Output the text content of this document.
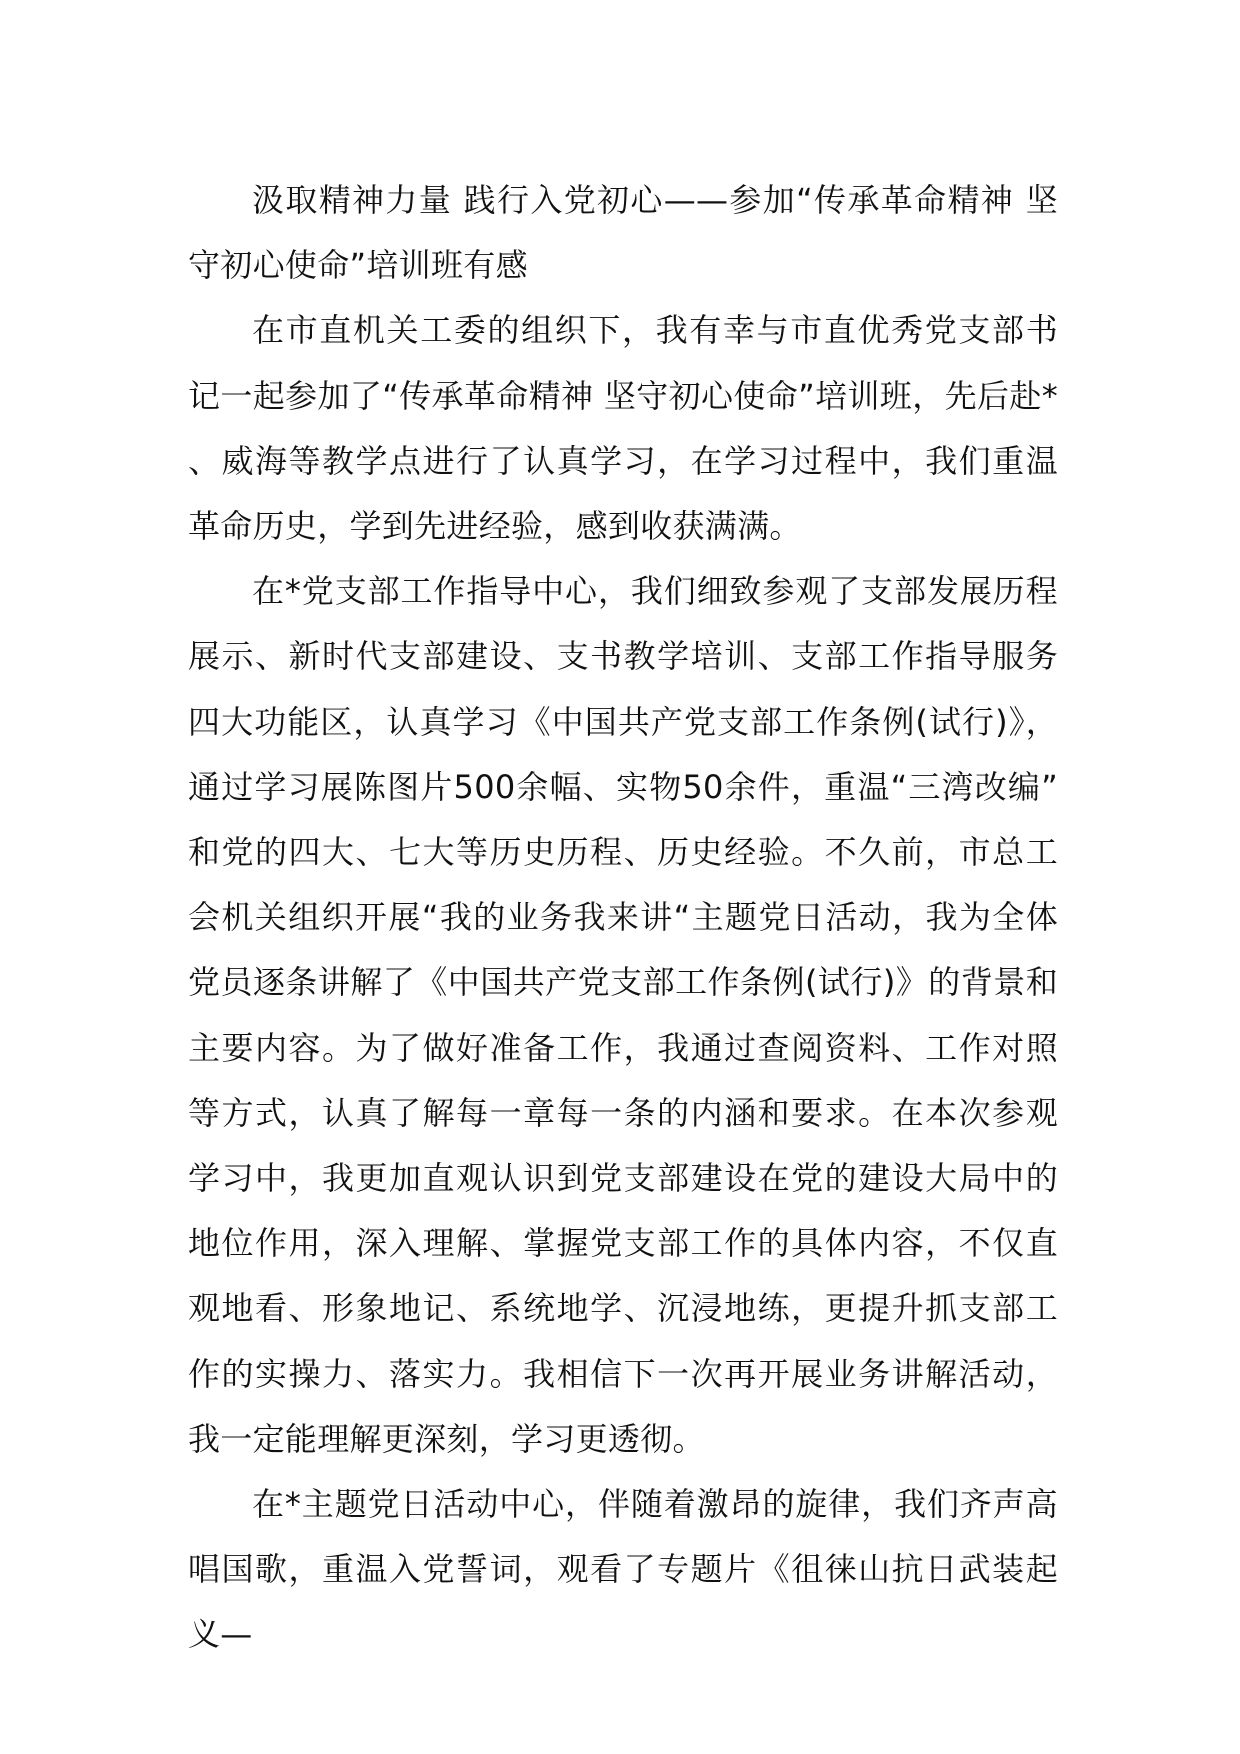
汲取精神力量 践行入党初心——参加“传承革命精神 坚守初心使命”培训班有感

在市直机关工委的组织下，我有幸与市直优秀党支部书记一起参加了“传承革命精神 坚守初心使命”培训班，先后赴*、威海等教学点进行了认真学习，在学习过程中，我们重温革命历史，学到先进经验，感到收获满满。

在*党支部工作指导中心，我们细致参观了支部发展历程展示、新时代支部建设、支书教学培训、支部工作指导服务四大功能区，认真学习《中国共产党支部工作条例(试行)》，通过学习展陈图片500余幅、实物50余件，重温“三湾改编”和党的四大、七大等历史历程、历史经验。不久前，市总工会机关组织开展“我的业务我来讲“主题党日活动，我为全体党员逐条讲解了《中国共产党支部工作条例(试行)》的背景和主要内容。为了做好准备工作，我通过查阅资料、工作对照等方式，认真了解每一章每一条的内涵和要求。在本次参观学习中，我更加直观认识到党支部建设在党的建设大局中的地位作用，深入理解、掌握党支部工作的具体内容，不仅直观地看、形象地记、系统地学、沉浸地练，更提升抓支部工作的实操力、落实力。我相信下一次再开展业务讲解活动，我一定能理解更深刻，学习更透彻。

在*主题党日活动中心，伴随着激昂的旋律，我们齐声高唱国歌，重温入党誓词，观看了专题片《徂徕山抗日武装起义—
